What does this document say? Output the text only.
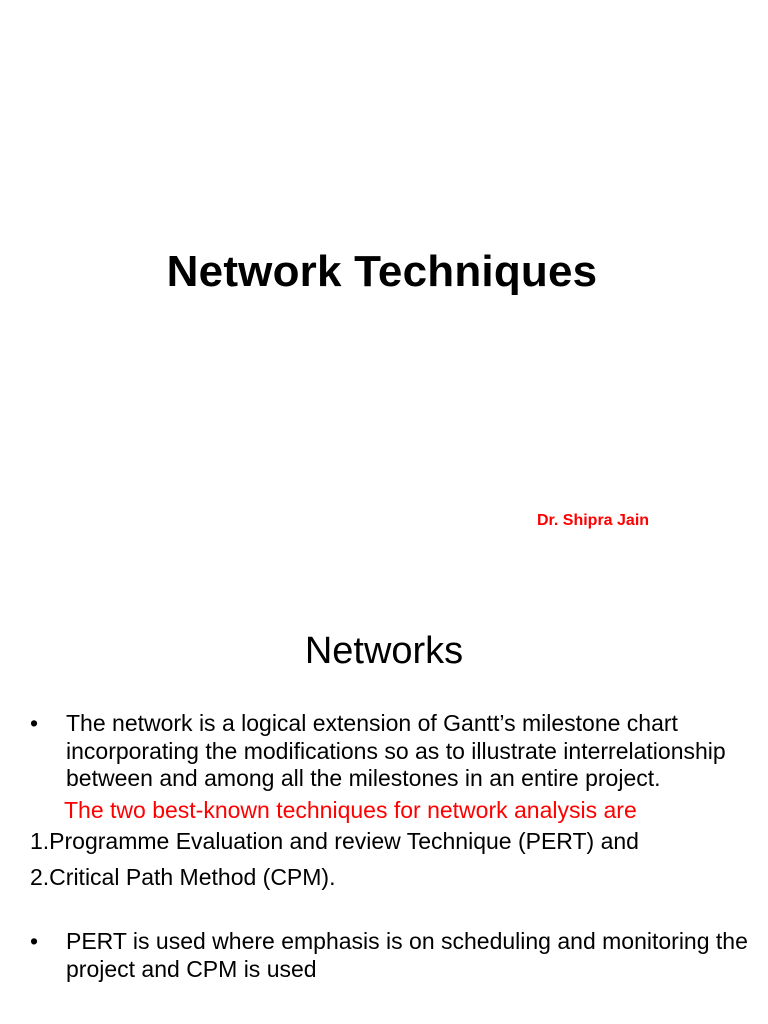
Network Techniques
Dr. Shipra Jain
Networks
• The network is a logical extension of Gantt’s milestone chart incorporating the modifications so as to illustrate interrelationship between and among all the milestones in an entire project.
The two best-known techniques for network analysis are
1.Programme Evaluation and review Technique (PERT) and
2.Critical Path Method (CPM).
• PERT is used where emphasis is on scheduling and monitoring the project and CPM is used
